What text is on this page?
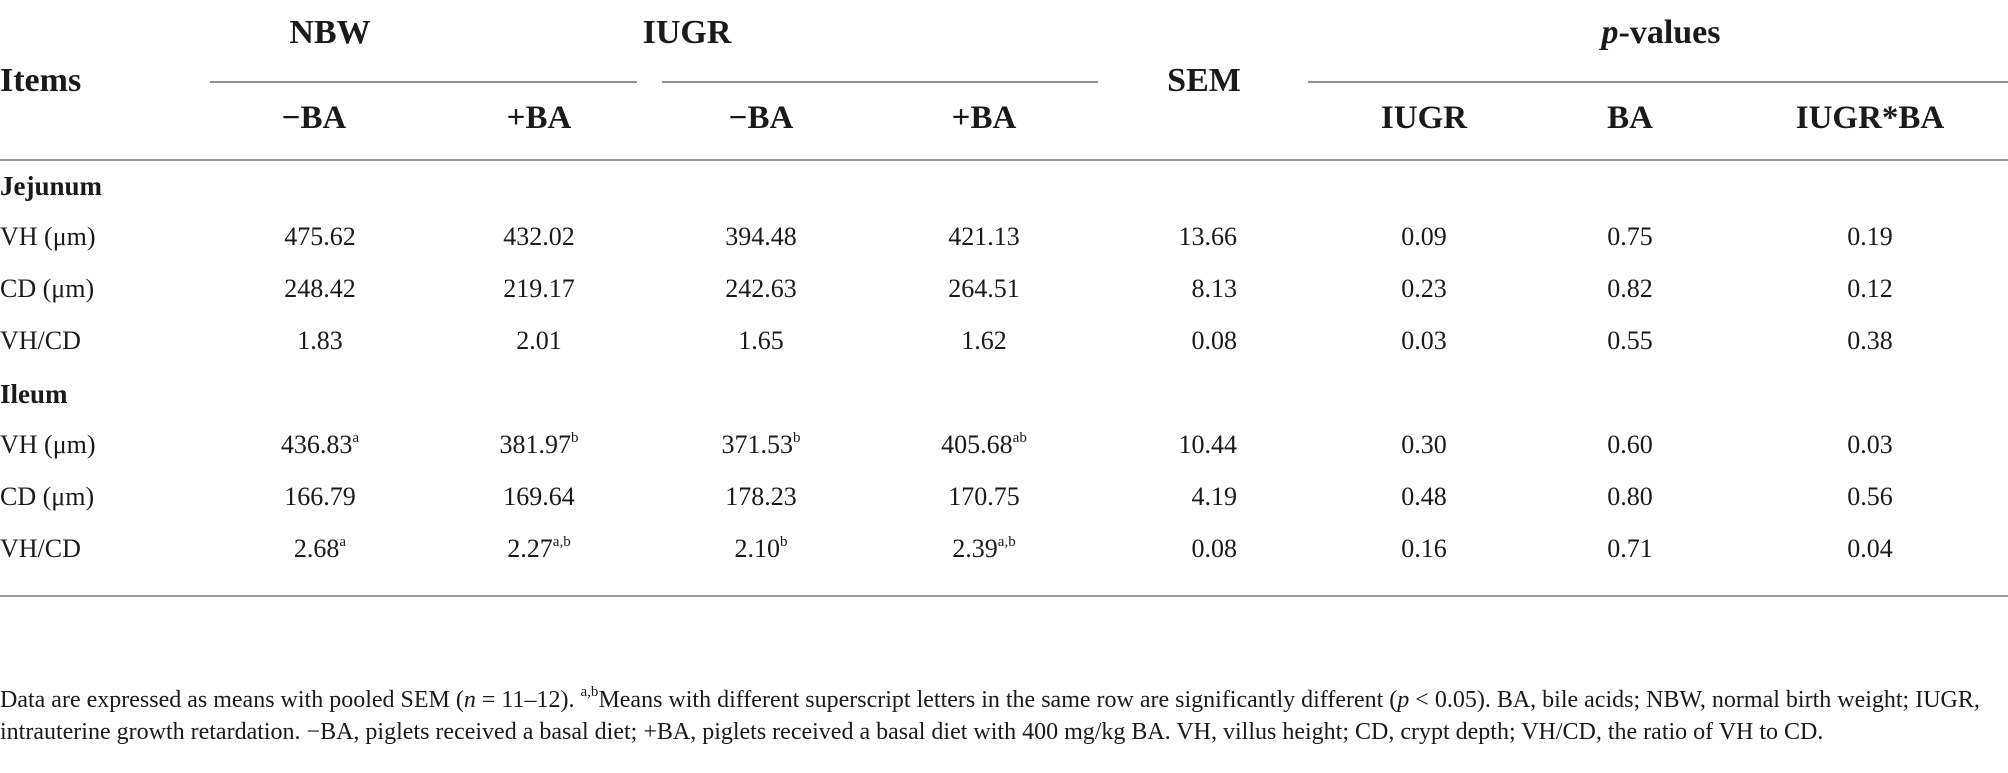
Items
NBW	IUGR
SEM
p-values
−BA	+BA	−BA	+BA	IUGR	BA	IUGR*BA
Jejunum
VH (μm)	475.62	432.02	394.48	421.13	13.66	0.09	0.75	0.19
CD (μm)	248.42	219.17	242.63	264.51	8.13	0.23	0.82	0.12
VH/CD	1.83	2.01	1.65	1.62	0.08	0.03	0.55	0.38
Ileum
VH (μm)	436.83$^a$	381.97$^b$	371.53$^b$	405.68$^{ab}$	10.44	0.30	0.60	0.03
CD (μm)	166.79	169.64	178.23	170.75	4.19	0.48	0.80	0.56
VH/CD	2.68$^a$	2.27$^{a,b}$	2.10$^b$	2.39$^{a,b}$	0.08	0.16	0.71	0.04

Data are expressed as means with pooled SEM (n = 11–12). $^{a,b}$Means with different superscript letters in the same row are significantly different (p < 0.05). BA, bile acids; NBW, normal birth weight; IUGR, intrauterine growth retardation. −BA, piglets received a basal diet; +BA, piglets received a basal diet with 400 mg/kg BA. VH, villus height; CD, crypt depth; VH/CD, the ratio of VH to CD.
